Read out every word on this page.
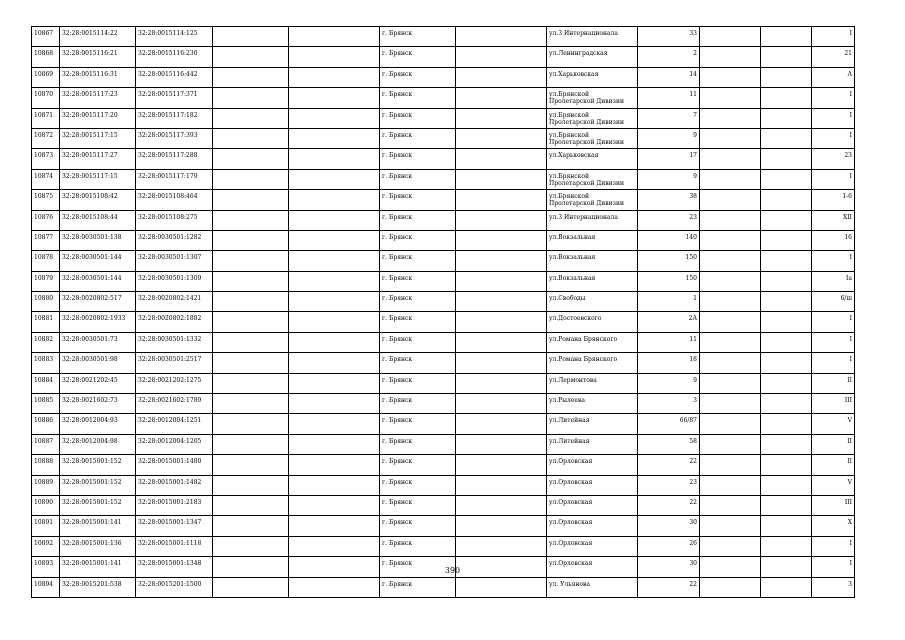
10867	32:28:0015114:22	32:28:0015114:125			г. Брянск		ул.3 Интернационала	33			I
10868	32:28:0015116:21	32:28:0015116:230			г. Брянск		ул.Ленинградская	2			21
10869	32:28:0015116:31	32:28:0015116:442			г. Брянск		ул.Харьковская	14			А
10870	32:28:0015117:23	32:28:0015117:371			г. Брянск		ул.Брянской Пролетарской Дивизии	11			I
10871	32:28:0015117:20	32:28:0015117:182			г. Брянск		ул.Брянской Пролетарской Дивизии	7			I
10872	32:28:0015117:15	32:28:0015117:393			г. Брянск		ул.Брянской Пролетарской Дивизии	9			I
10873	32:28:0015117:27	32:28:0015117:288			г. Брянск		ул.Харьковская	17			23
10874	32:28:0015117:15	32:28:0015117:179			г. Брянск		ул.Брянской Пролетарской Дивизии	9			I
10875	32:28:0015108:42	32:28:0015108:464			г. Брянск		ул.Брянской Пролетарской Дивизии	38			1-6
10876	32:28:0015108:44	32:28:0015108:275			г. Брянск		ул.3 Интернационала	23			XII
10877	32:28:0030501:138	32:28:0030501:1282			г. Брянск		ул.Вокзальная	140			16
10878	32:28:0030501:144	32:28:0030501:1307			г. Брянск		ул.Вокзальная	150			I
10879	32:28:0030501:144	32:28:0030501:1309			г. Брянск		ул.Вокзальная	150			Iа
10880	32:28:0020802:517	32:28:0020802:1421			г. Брянск		ул.Свободы	1			6/ш
10881	32:28:0020802:1933	32:28:0020802:1882			г. Брянск		ул.Достоевского	2А			I
10882	32:28:0030501:73	32:28:0030501:1332			г. Брянск		ул.Романа Брянского	11			I
10883	32:28:0030501:98	32:28:0030501:2517			г. Брянск		ул.Романа Брянского	18			I
10884	32:28:0021202:45	32:28:0021202:1275			г. Брянск		ул.Лермонтова	9			II
10885	32:28:0021602:73	32:28:0021602:1789			г. Брянск		ул.Рылеева	3			III
10886	32:28:0012004:93	32:28:0012004:1251			г. Брянск		ул.Литейная	66/87			V
10887	32:28:0012004:98	32:28:0012004:1205			г. Брянск		ул.Литейная	58			II
10888	32:28:0015001:152	32:28:0015001:1480			г. Брянск		ул.Орловская	22			II
10889	32:28:0015001:152	32:28:0015001:1482			г. Брянск		ул.Орловская	23			V
10890	32:28:0015001:152	32:28:0015001:2183			г. Брянск		ул.Орловская	22			III
10891	32:28:0015001:141	32:28:0015001:1347			г. Брянск		ул.Орловская	30			X
10892	32:28:0015001:136	32:28:0015001:1118			г. Брянск		ул.Орловская	26			I
10893	32:28:0015001:141	32:28:0015001:1348			г. Брянск		ул.Орловская	30			I
10894	32:28:0015201:538	32:28:0015201:1500			г. Брянск		ул. Ульянова	22			3
390
